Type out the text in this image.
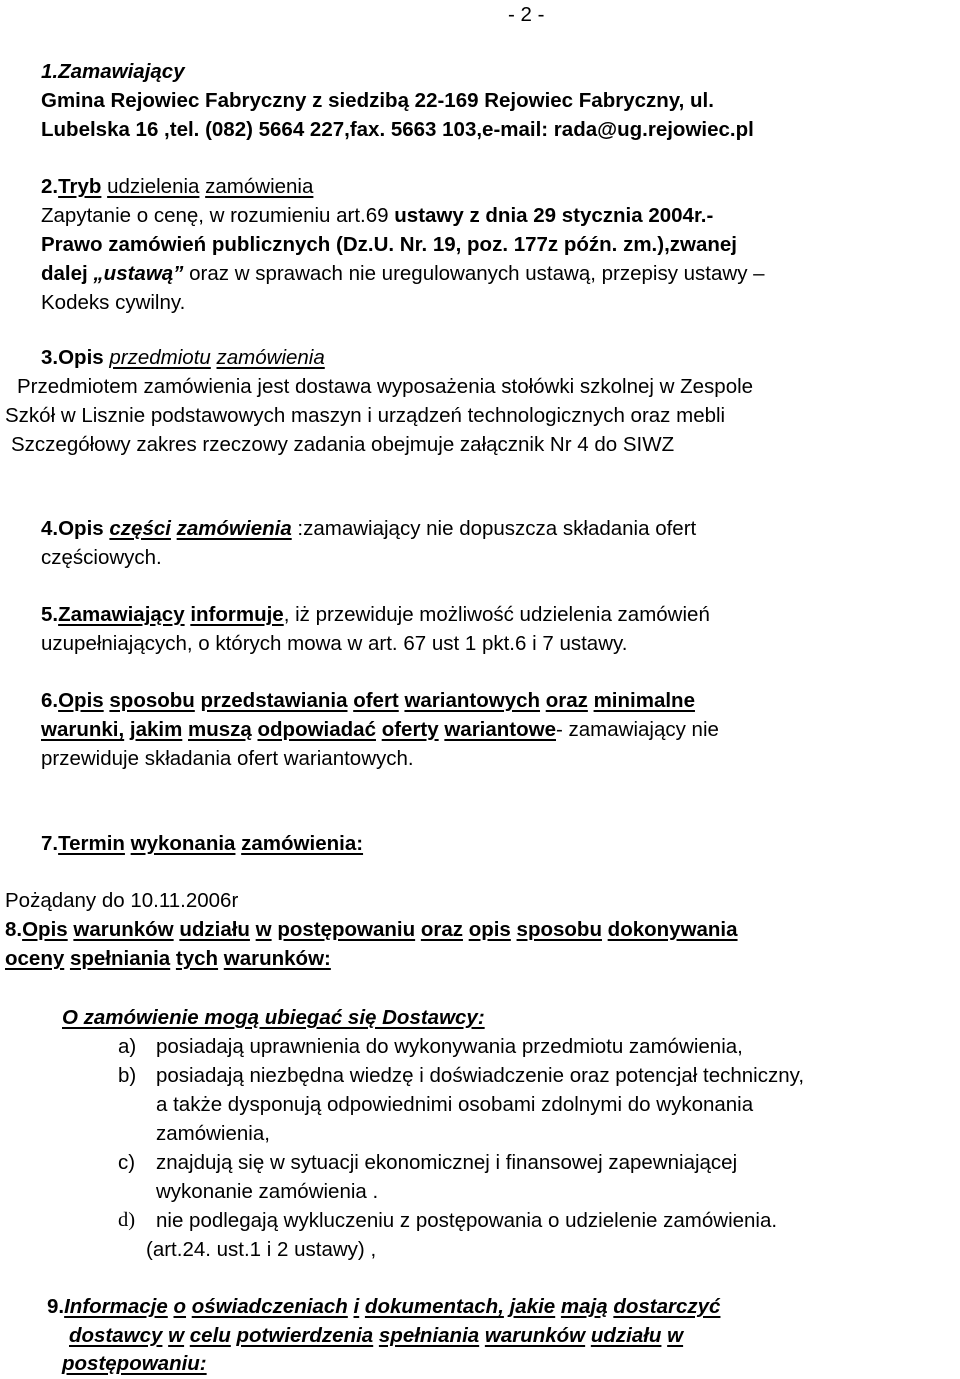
- 2 -
1.Zamawiający
Gmina Rejowiec Fabryczny z siedzibą 22-169 Rejowiec Fabryczny, ul.
Lubelska 16 ,tel. (082) 5664 227,fax. 5663 103,e-mail: rada@ug.rejowiec.pl
2.Tryb udzielenia zamówienia
Zapytanie o cenę, w rozumieniu art.69 ustawy z dnia 29 stycznia 2004r.-
Prawo zamówień publicznych (Dz.U. Nr. 19, poz. 177z późn. zm.),zwanej
dalej „ustawą” oraz w sprawach nie uregulowanych ustawą, przepisy ustawy –
Kodeks cywilny.
3.Opis przedmiotu zamówienia
Przedmiotem zamówienia jest dostawa wyposażenia stołówki szkolnej w Zespole
Szkół w Lisznie podstawowych maszyn i urządzeń technologicznych oraz mebli
Szczegółowy zakres rzeczowy zadania obejmuje załącznik Nr 4 do SIWZ
4.Opis części zamówienia :zamawiający nie dopuszcza składania ofert
częściowych.
5.Zamawiający informuje, iż przewiduje możliwość udzielenia zamówień
uzupełniających, o których mowa w art. 67 ust 1 pkt.6 i 7 ustawy.
6.Opis sposobu przedstawiania ofert wariantowych oraz minimalne
warunki, jakim muszą odpowiadać oferty wariantowe- zamawiający nie
przewiduje składania ofert wariantowych.
7.Termin wykonania zamówienia:
Pożądany do 10.11.2006r
8.Opis warunków udziału w postępowaniu oraz opis sposobu dokonywania
oceny spełniania tych warunków:
O zamówienie mogą ubiegać się Dostawcy:
a) posiadają uprawnienia do wykonywania przedmiotu zamówienia,
b) posiadają niezbędna wiedzę i doświadczenie oraz potencjał techniczny,
a także dysponują odpowiednimi osobami zdolnymi do wykonania
zamówienia,
c) znajdują się w sytuacji ekonomicznej i finansowej zapewniającej
wykonanie zamówienia .
d) nie podlegają wykluczeniu z postępowania o udzielenie zamówienia.
(art.24. ust.1 i 2 ustawy) ,
9.Informacje o oświadczeniach i dokumentach, jakie mają dostarczyć
dostawcy w celu potwierdzenia spełniania warunków udziału w
postępowaniu:
